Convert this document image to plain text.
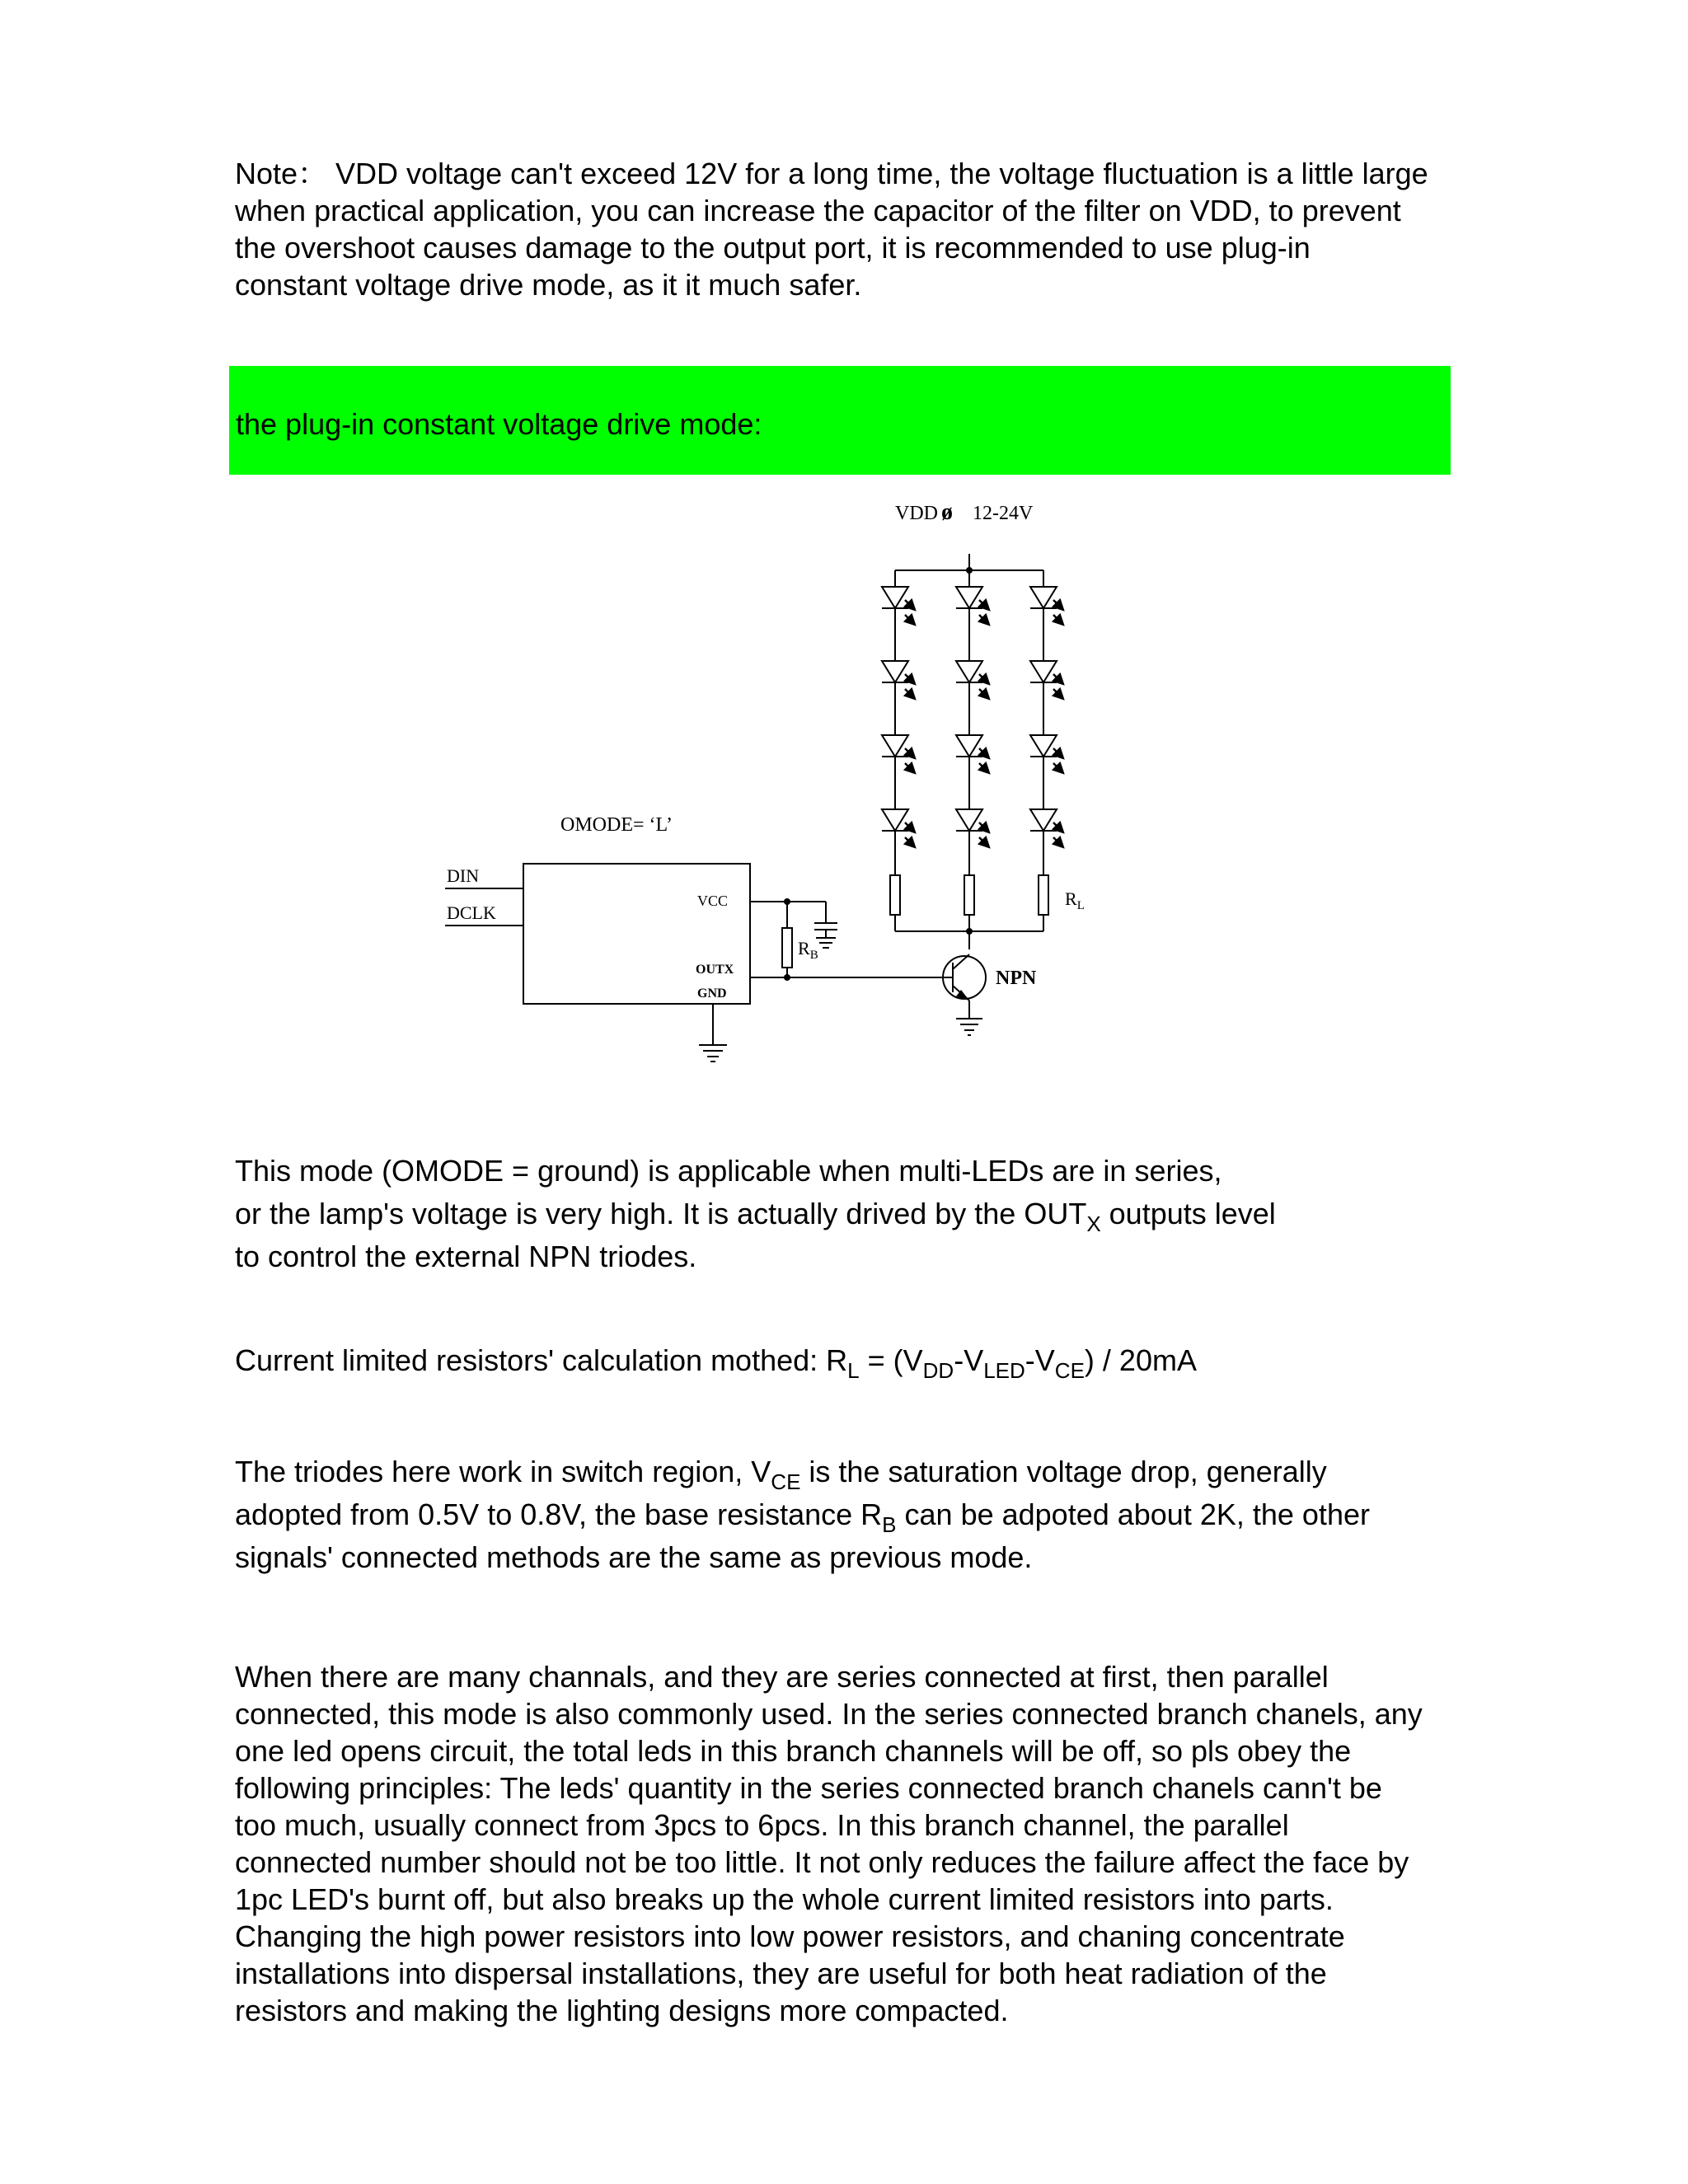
Note： VDD voltage can't exceed 12V for a long time, the voltage fluctuation is a little large
when practical application, you can increase the capacitor of the filter on VDD, to prevent
the overshoot causes damage to the output port, it is recommended to use plug-in
constant voltage drive mode, as it it much safer.
the plug-in constant voltage drive mode:
VDD ø 12-24V
OMODE= ‘L’
DIN
DCLK
VCC
OUTX
GND
$R_B$
$R_L$
NPN
This mode (OMODE = ground) is applicable when multi-LEDs are in series,
or the lamp's voltage is very high. It is actually drived by the $OUT_X$ outputs level
to control the external NPN triodes.
Current limited resistors' calculation mothed: $R_L = (V_{DD}-V_{LED}-V_{CE}) / 20mA$
The triodes here work in switch region, $V_{CE}$ is the saturation voltage drop, generally
adopted from 0.5V to 0.8V, the base resistance $R_B$ can be adpoted about 2K, the other
signals' connected methods are the same as previous mode.
When there are many channals, and they are series connected at first, then parallel
connected, this mode is also commonly used. In the series connected branch chanels, any
one led opens circuit, the total leds in this branch channels will be off, so pls obey the
following principles: The leds' quantity in the series connected branch chanels cann't be
too much, usually connect from 3pcs to 6pcs. In this branch channel, the parallel
connected number should not be too little. It not only reduces the failure affect the face by
1pc LED's burnt off, but also breaks up the whole current limited resistors into parts.
Changing the high power resistors into low power resistors, and chaning concentrate
installations into dispersal installations, they are useful for both heat radiation of the
resistors and making the lighting designs more compacted.
